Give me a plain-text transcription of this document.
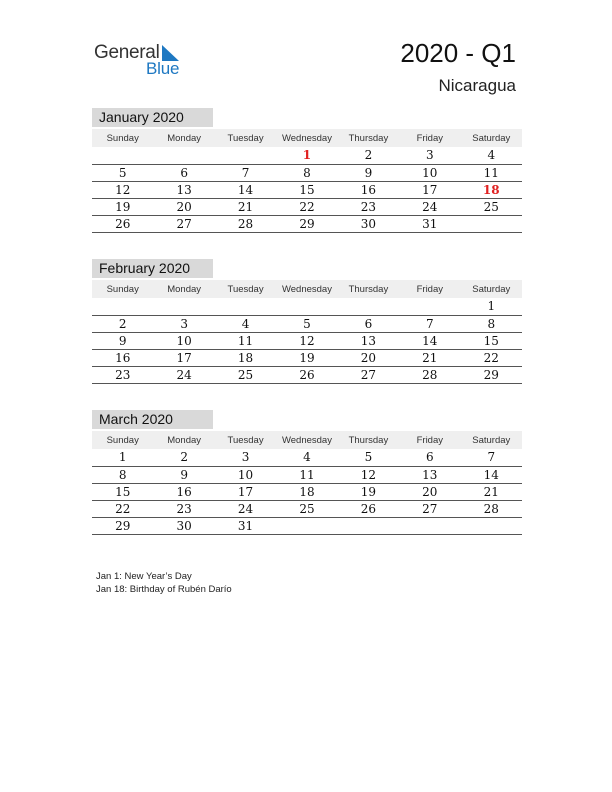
General
Blue
2020 - Q1
Nicaragua
January 2020
Sunday	Monday	Tuesday	Wednesday	Thursday	Friday	Saturday
			1	2	3	4
5	6	7	8	9	10	11
12	13	14	15	16	17	18
19	20	21	22	23	24	25
26	27	28	29	30	31	
February 2020
Sunday	Monday	Tuesday	Wednesday	Thursday	Friday	Saturday
						1
2	3	4	5	6	7	8
9	10	11	12	13	14	15
16	17	18	19	20	21	22
23	24	25	26	27	28	29
March 2020
Sunday	Monday	Tuesday	Wednesday	Thursday	Friday	Saturday
1	2	3	4	5	6	7
8	9	10	11	12	13	14
15	16	17	18	19	20	21
22	23	24	25	26	27	28
29	30	31				
Jan 1: New Year’s Day
Jan 18: Birthday of Rubén Darío
